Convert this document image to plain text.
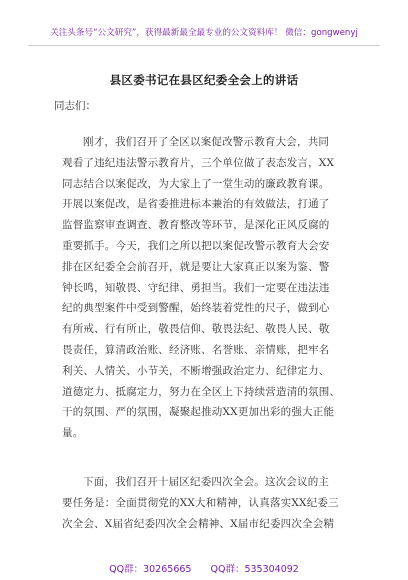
关注头条号“公文研究”，获得最新最全最专业的公文资料库！ 微信：gongwenyj
县区委书记在县区纪委全会上的讲话
同志们：
刚才，我们召开了全区以案促改警示教育大会，共同
观看了违纪违法警示教育片，三个单位做了表态发言，XX
同志结合以案促改，为大家上了一堂生动的廉政教育课。
开展以案促改，是省委推进标本兼治的有效做法，打通了
监督监察审查调查、教育整改等环节，是深化正风反腐的
重要抓手。今天，我们之所以把以案促改警示教育大会安
排在区纪委全会前召开，就是要让大家真正以案为鉴、警
钟长鸣，知敬畏、守纪律、勇担当。我们一定要在违法违
纪的典型案件中受到警醒，始终装着党性的尺子，做到心
有所戒、行有所止，敬畏信仰、敬畏法纪、敬畏人民、敬
畏责任，算清政治账、经济账、名誉账、亲情账，把牢名
利关、人情关、小节关，不断增强政治定力、纪律定力、
道德定力、抵腐定力，努力在全区上下持续营造清的氛围、
干的氛围、严的氛围，凝聚起推动XX更加出彩的强大正能
量。
下面，我们召开十届区纪委四次全会。这次会议的主
要任务是：全面贯彻党的XX大和精神，认真落实XX纪委三
次全会、X届省纪委四次全会精神、X届市纪委四次全会精
QQ群：30265665 QQ群：535304092
